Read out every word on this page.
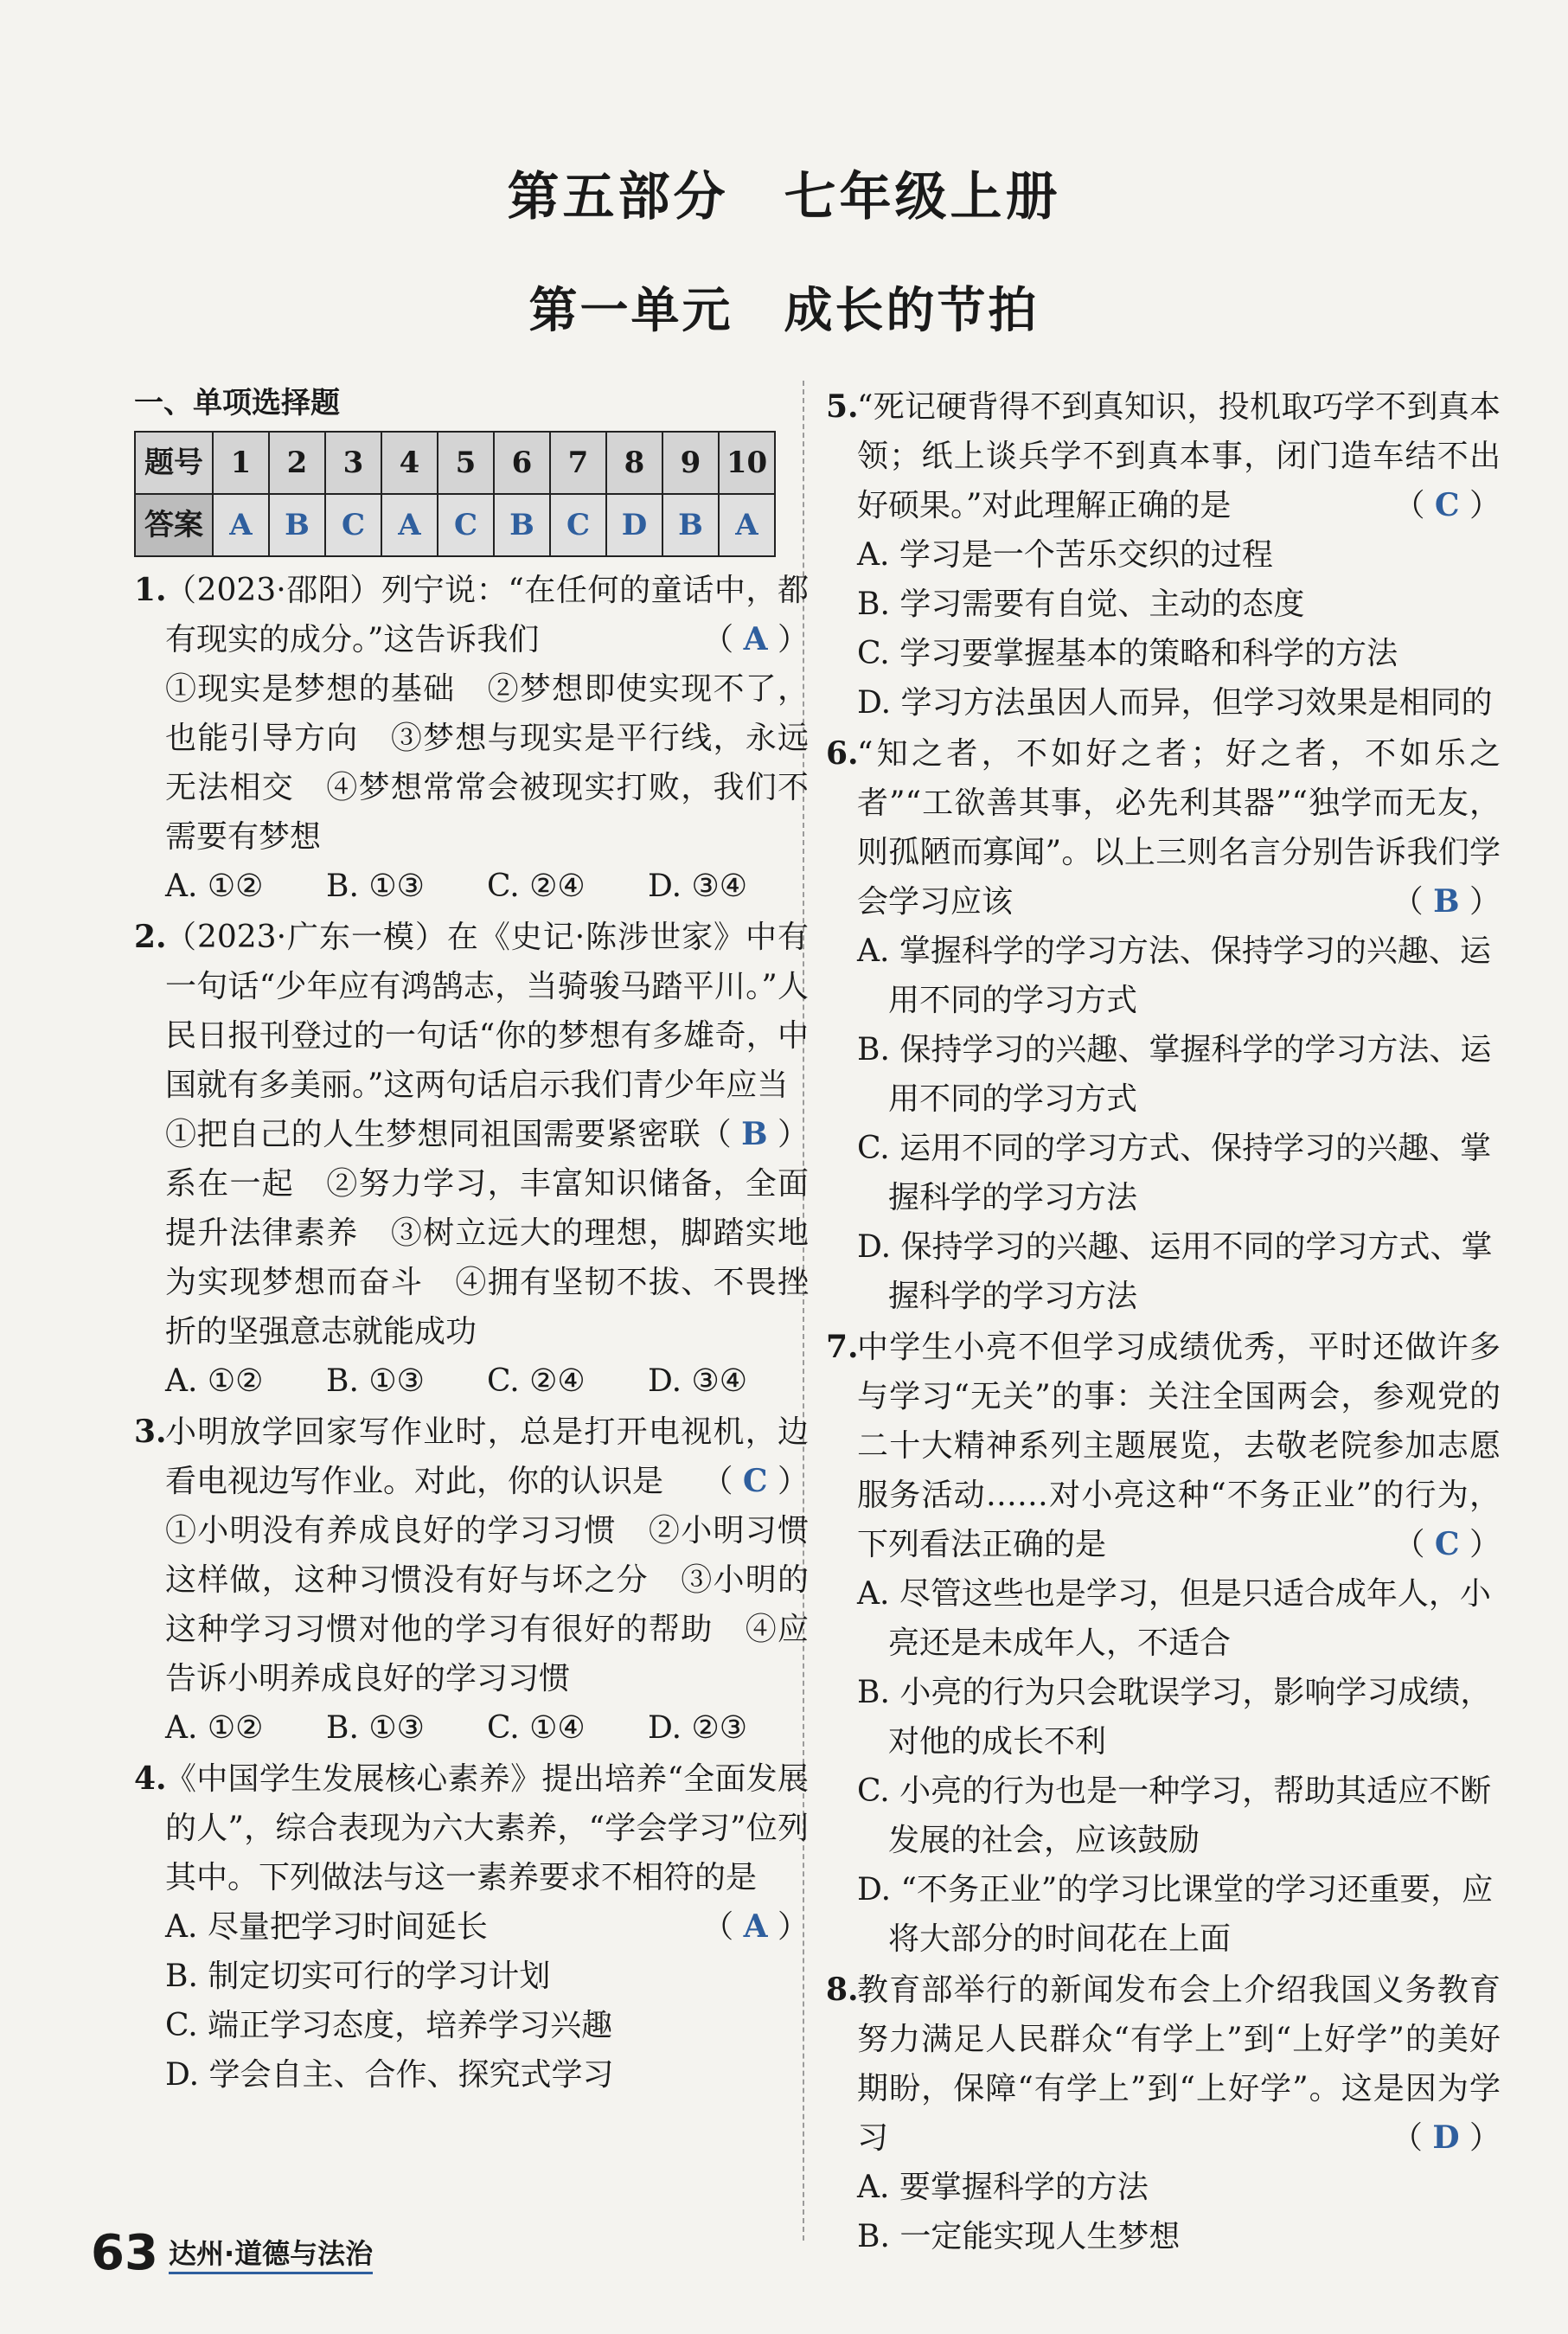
第五部分　七年级上册
第一单元　成长的节拍
一、单项选择题
题号	1	2	3	4	5	6	7	8	9	10
答案	A	B	C	A	C	B	C	D	B	A
1.
（2023·邵阳）列宁说：“在任何的童话中，都有现实的成分。”这告诉我们	（ A ）
①现实是梦想的基础　②梦想即使实现不了，也能引导方向　③梦想与现实是平行线，永远无法相交　④梦想常常会被现实打败，我们不需要有梦想
A. ①②	B. ①③	C. ②④	D. ③④
2.
（2023·广东一模）在《史记·陈涉世家》中有一句话“少年应有鸿鹄志，当骑骏马踏平川。”人民日报刊登过的一句话“你的梦想有多雄奇，中国就有多美丽。”这两句话启示我们青少年应当
（ B ）
①把自己的人生梦想同祖国需要紧密联系在一起　②努力学习，丰富知识储备，全面提升法律素养　③树立远大的理想，脚踏实地为实现梦想而奋斗　④拥有坚韧不拔、不畏挫折的坚强意志就能成功
A. ①②	B. ①③	C. ②④	D. ③④
3.
小明放学回家写作业时，总是打开电视机，边看电视边写作业。对此，你的认识是 （ C ）
①小明没有养成良好的学习习惯　②小明习惯这样做，这种习惯没有好与坏之分　③小明的这种学习习惯对他的学习有很好的帮助　④应告诉小明养成良好的学习习惯
A. ①②	B. ①③	C. ①④	D. ②③
4.
《中国学生发展核心素养》提出培养“全面发展的人”，综合表现为六大素养，“学会学习”位列其中。下列做法与这一素养要求不相符的是
（ A ）
A. 尽量把学习时间延长
B. 制定切实可行的学习计划
C. 端正学习态度，培养学习兴趣
D. 学会自主、合作、探究式学习
5.
“死记硬背得不到真知识，投机取巧学不到真本领；纸上谈兵学不到真本事，闭门造车结不出好硕果。”对此理解正确的是	（ C ）
A. 学习是一个苦乐交织的过程
B. 学习需要有自觉、主动的态度
C. 学习要掌握基本的策略和科学的方法
D. 学习方法虽因人而异，但学习效果是相同的
6.
“知之者，不如好之者；好之者，不如乐之者”“工欲善其事，必先利其器”“独学而无友，则孤陋而寡闻”。以上三则名言分别告诉我们学会学习应该	（ B ）
A. 掌握科学的学习方法、保持学习的兴趣、运用不同的学习方式
B. 保持学习的兴趣、掌握科学的学习方法、运用不同的学习方式
C. 运用不同的学习方式、保持学习的兴趣、掌握科学的学习方法
D. 保持学习的兴趣、运用不同的学习方式、掌握科学的学习方法
7.
中学生小亮不但学习成绩优秀，平时还做许多与学习“无关”的事：关注全国两会，参观党的二十大精神系列主题展览，去敬老院参加志愿服务活动……对小亮这种“不务正业”的行为，下列看法正确的是	（ C ）
A. 尽管这些也是学习，但是只适合成年人，小亮还是未成年人，不适合
B. 小亮的行为只会耽误学习，影响学习成绩，对他的成长不利
C. 小亮的行为也是一种学习，帮助其适应不断发展的社会，应该鼓励
D. “不务正业”的学习比课堂的学习还重要，应将大部分的时间花在上面
8.
教育部举行的新闻发布会上介绍我国义务教育努力满足人民群众“有学上”到“上好学”的美好期盼，保障“有学上”到“上好学”。这是因为学习	（ D ）
A. 要掌握科学的方法
B. 一定能实现人生梦想
63 达州·道德与法治
